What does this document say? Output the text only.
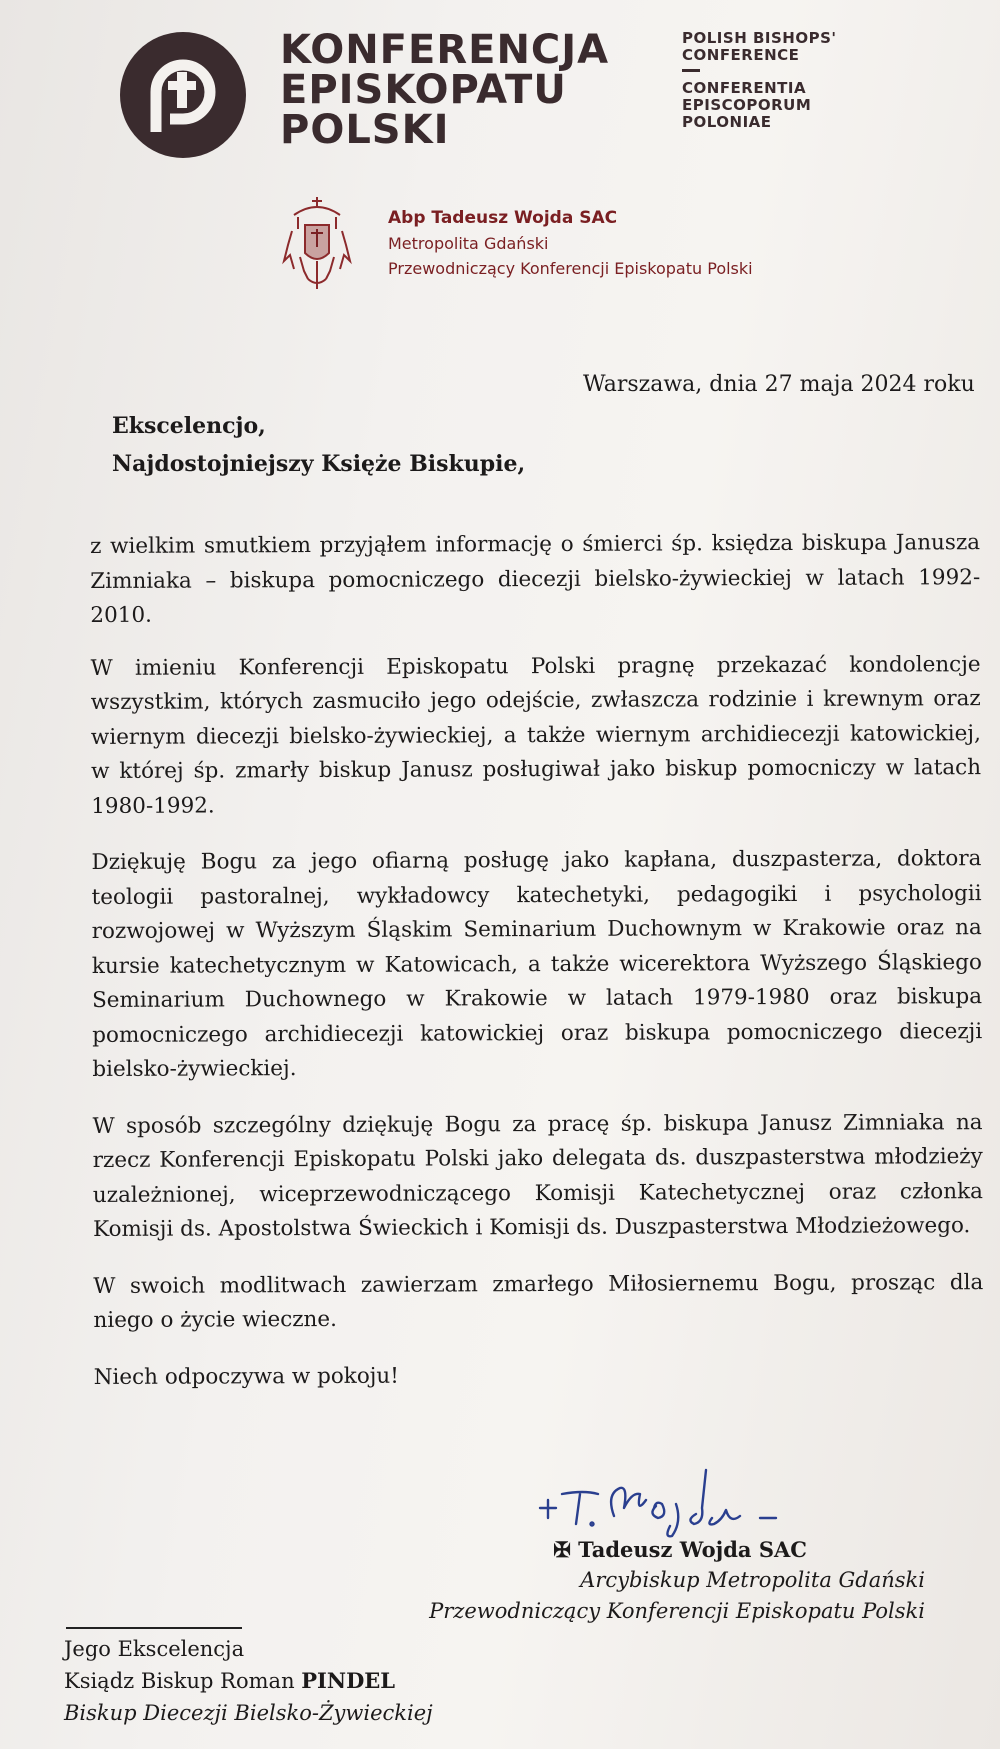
KONFERENCJA
EPISKOPATU
POLSKI
POLISH BISHOPS'
CONFERENCE
CONFERENTIA
EPISCOPORUM
POLONIAE
Abp Tadeusz Wojda SAC
Metropolita Gdański
Przewodniczący Konferencji Episkopatu Polski
Warszawa, dnia 27 maja 2024 roku
Ekscelencjo,
Najdostojniejszy Księże Biskupie,

z wielkim smutkiem przyjąłem informację o śmierci śp. księdza biskupa Janusza Zimniaka – biskupa pomocniczego diecezji bielsko-żywieckiej w latach 1992-2010.

W imieniu Konferencji Episkopatu Polski pragnę przekazać kondolencje wszystkim, których zasmuciło jego odejście, zwłaszcza rodzinie i krewnym oraz wiernym diecezji bielsko-żywieckiej, a także wiernym archidiecezji katowickiej, w której śp. zmarły biskup Janusz posługiwał jako biskup pomocniczy w latach 1980-1992.

Dziękuję Bogu za jego ofiarną posługę jako kapłana, duszpasterza, doktora teologii pastoralnej, wykładowcy katechetyki, pedagogiki i psychologii rozwojowej w Wyższym Śląskim Seminarium Duchownym w Krakowie oraz na kursie katechetycznym w Katowicach, a także wicerektora Wyższego Śląskiego Seminarium Duchownego w Krakowie w latach 1979-1980 oraz biskupa pomocniczego archidiecezji katowickiej oraz biskupa pomocniczego diecezji bielsko-żywieckiej.

W sposób szczególny dziękuję Bogu za pracę śp. biskupa Janusz Zimniaka na rzecz Konferencji Episkopatu Polski jako delegata ds. duszpasterstwa młodzieży uzależnionej, wiceprzewodniczącego Komisji Katechetycznej oraz członka Komisji ds. Apostolstwa Świeckich i Komisji ds. Duszpasterstwa Młodzieżowego.

W swoich modlitwach zawierzam zmarłego Miłosiernemu Bogu, prosząc dla niego o życie wieczne.

Niech odpoczywa w pokoju!

✠ Tadeusz Wojda SAC
Arcybiskup Metropolita Gdański
Przewodniczący Konferencji Episkopatu Polski
Jego Ekscelencja
Ksiądz Biskup Roman PINDEL
Biskup Diecezji Bielsko-Żywieckiej
